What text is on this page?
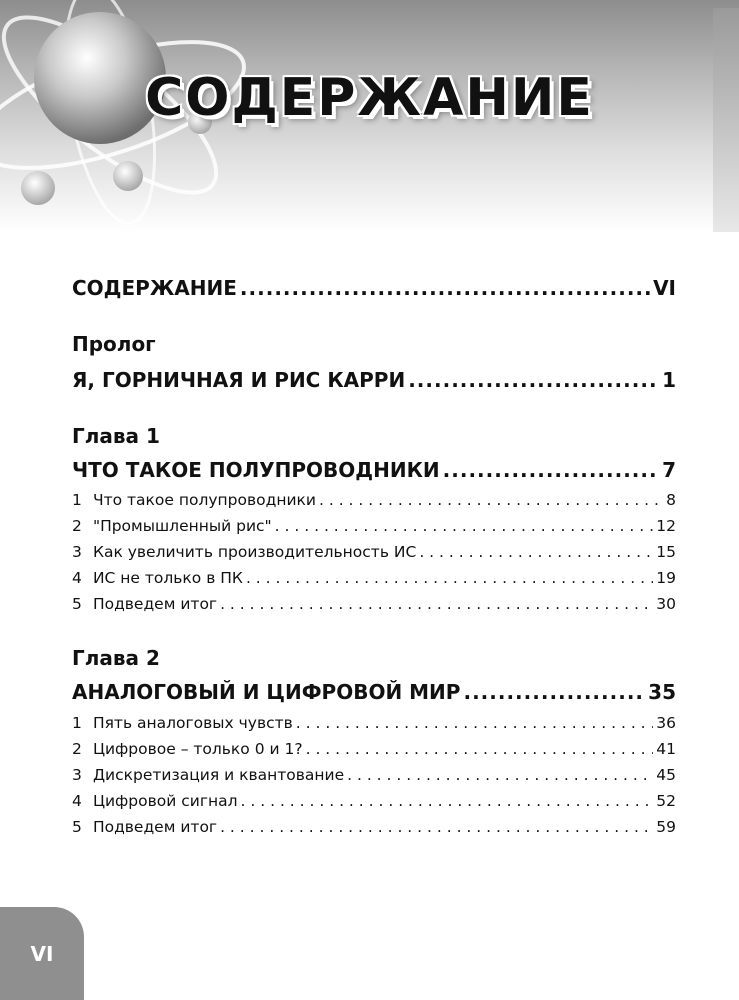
СОДЕРЖАНИЕ
СОДЕРЖАНИЕ .....	VI

Пролог

Я, ГОРНИЧНАЯ И РИС КАРРИ .....	1

Глава 1

ЧТО ТАКОЕ ПОЛУПРОВОДНИКИ .....	7
1 Что такое полупроводники . . .	8
2 "Промышленный рис" . . .	12
3 Как увеличить производительность ИС . . .	15
4 ИС не только в ПК . . .	19
5 Подведем итог . . .	30

Глава 2

АНАЛОГОВЫЙ И ЦИФРОВОЙ МИР .....	35
1 Пять аналоговых чувств . . .	36
2 Цифровое – только 0 и 1? . . .	41
3 Дискретизация и квантование . . .	45
4 Цифровой сигнал . . .	52
5 Подведем итог . . .	59
VI
